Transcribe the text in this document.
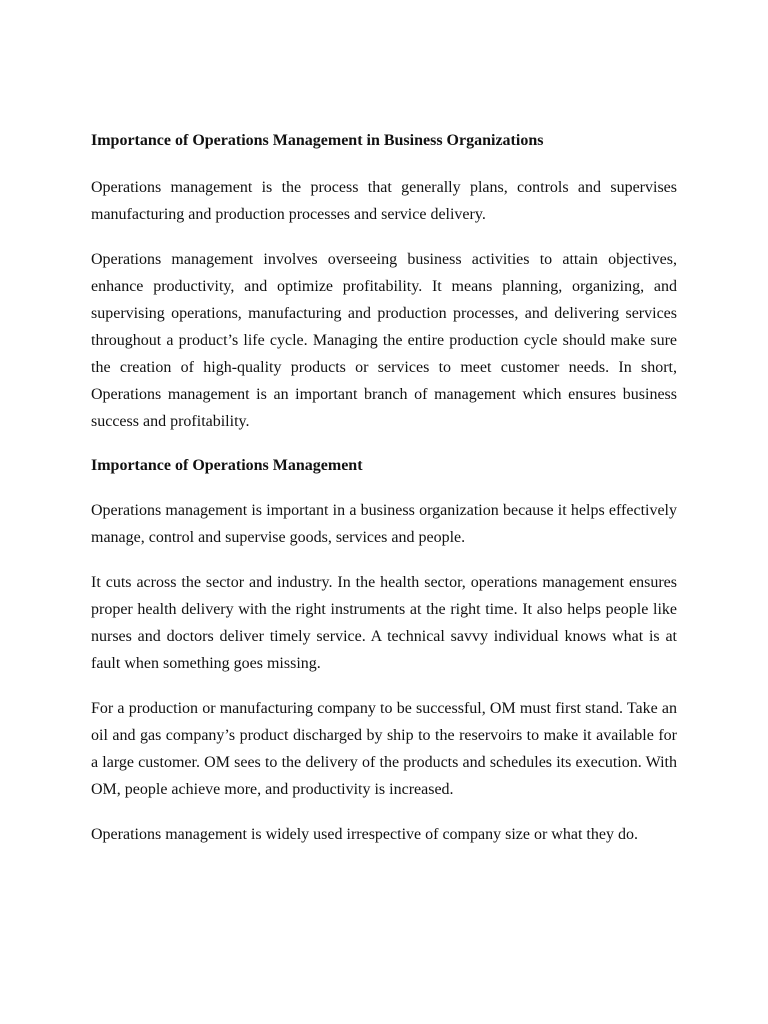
Importance of Operations Management in Business Organizations

Operations management is the process that generally plans, controls and supervises manufacturing and production processes and service delivery.

Operations management involves overseeing business activities to attain objectives, enhance productivity, and optimize profitability. It means planning, organizing, and supervising operations, manufacturing and production processes, and delivering services throughout a product’s life cycle. Managing the entire production cycle should make sure the creation of high-quality products or services to meet customer needs. In short, Operations management is an important branch of management which ensures business success and profitability.

Importance of Operations Management

Operations management is important in a business organization because it helps effectively manage, control and supervise goods, services and people.

It cuts across the sector and industry. In the health sector, operations management ensures proper health delivery with the right instruments at the right time. It also helps people like nurses and doctors deliver timely service. A technical savvy individual knows what is at fault when something goes missing.

For a production or manufacturing company to be successful, OM must first stand. Take an oil and gas company’s product discharged by ship to the reservoirs to make it available for a large customer. OM sees to the delivery of the products and schedules its execution. With OM, people achieve more, and productivity is increased.

Operations management is widely used irrespective of company size or what they do.
